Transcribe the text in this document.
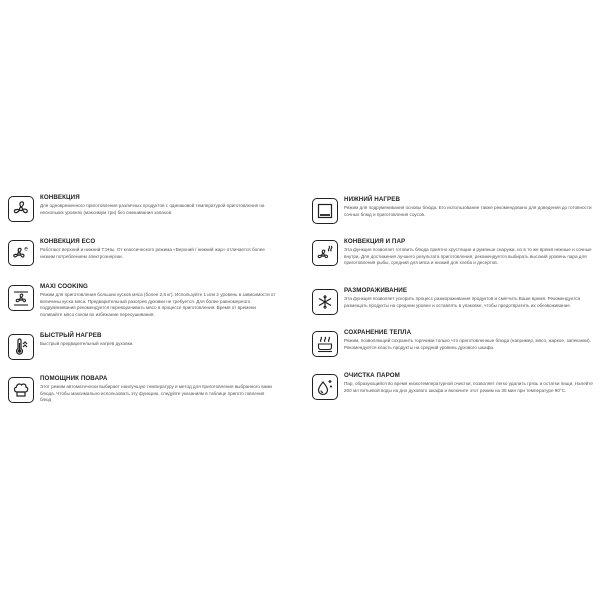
КОНВЕКЦИЯ

Для одновременного приготовления различных продуктов с одинаковой температурой приготовления на нескольких уровнях (максимум три) без смешивания запахов.

e

КОНВЕКЦИЯ ECO

Работают верхний и нижний ТЭНы. От классического режима «Верхний / нижний жар» отличается более низким потреблением электроэнергии.

MAXI COOKING

Режим для приготовления больших кусков мяса (более 2,5 кг). Используйте 1 или 2 уровень в зависимости от величины куска мяса. Предварительный разогрев духовки не требуется. Для более равномерного подрумянивания рекомендуется переворачивать мясо в процессе приготовления. Время от времени поливайте мясо соком во избежание пересушивания.

БЫСТРЫЙ НАГРЕВ

Быстрый предварительный нагрев духовки.

ПОМОЩНИК ПОВАРА

Этот режим автоматически выбирает наилучшую температуру и метод для приготовления выбранного вами блюда. Чтобы максимально использовать эту функцию, следуйте указаниям в таблице пригото говления блюд

НИЖНИЙ НАГРЕВ

Режим для подрумянивания основы блюда. Его использование также рекомендовано для доведения до готовности сочных блюд и приготовления соусов.

КОНВЕКЦИЯ И ПАР

Эта функция позволяет готовить блюда приятно хрустящие и румяные снаружи, но в то же время нежные и сочные внутри. Для достижения лучшего результата приготовления, рекомендуется выбирать высокий уровень пара для приготовления рыбы, средний для мяса и низкий для хлеба и десертов.

РАЗМОРАЖИВАНИЕ

Эта функция позволяет ускорить процесс размораживания продуктов и смягчить Ваше время. Рекомендуется размещать продукты на среднем уровне и оставлять в упаковке, чтобы предотвратить их обезвоживание.

СОХРАНЕНИЕ ТЕПЛА

Режим, позволяющий сохранить горячими только что приготовленные блюда (например, мясо, жаркое, запеканки). Рекомендуется класть продукты на средний уровень духового шкафа.

ОЧИСТКА ПАРОМ

Пар, образующийся во время низкотемпературной очистки, позволяет легко удалить грязь и остатки пищи. Налейте 200 мл питьевой воды на дно духового шкафа и включите этот режим на 35 мин при температуре 90°С.
